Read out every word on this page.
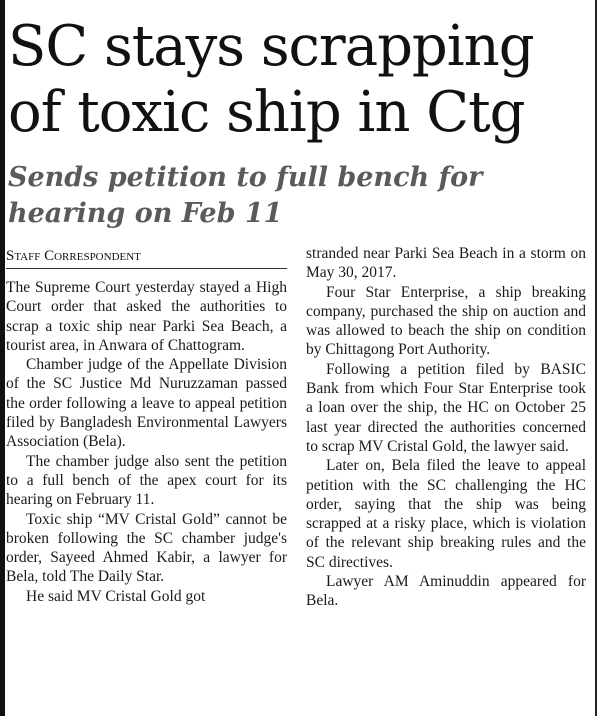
SC stays scrapping of toxic ship in Ctg
Sends petition to full bench for hearing on Feb 11
Staff Correspondent

The Supreme Court yesterday stayed a High Court order that asked the authorities to scrap a toxic ship near Parki Sea Beach, a tourist area, in Anwara of Chattogram.

Chamber judge of the Appellate Division of the SC Justice Md Nuruzzaman passed the order following a leave to appeal petition filed by Bangladesh Environmental Lawyers Association (Bela).

The chamber judge also sent the petition to a full bench of the apex court for its hearing on February 11.

Toxic ship “MV Cristal Gold” cannot be broken following the SC chamber judge's order, Sayeed Ahmed Kabir, a lawyer for Bela, told The Daily Star.

He said MV Cristal Gold got

stranded near Parki Sea Beach in a storm on May 30, 2017.

Four Star Enterprise, a ship breaking company, purchased the ship on auction and was allowed to beach the ship on condition by Chittagong Port Authority.

Following a petition filed by BASIC Bank from which Four Star Enterprise took a loan over the ship, the HC on October 25 last year directed the authorities concerned to scrap MV Cristal Gold, the lawyer said.

Later on, Bela filed the leave to appeal petition with the SC challenging the HC order, saying that the ship was being scrapped at a risky place, which is violation of the relevant ship breaking rules and the SC directives.

Lawyer AM Aminuddin appeared for Bela.
